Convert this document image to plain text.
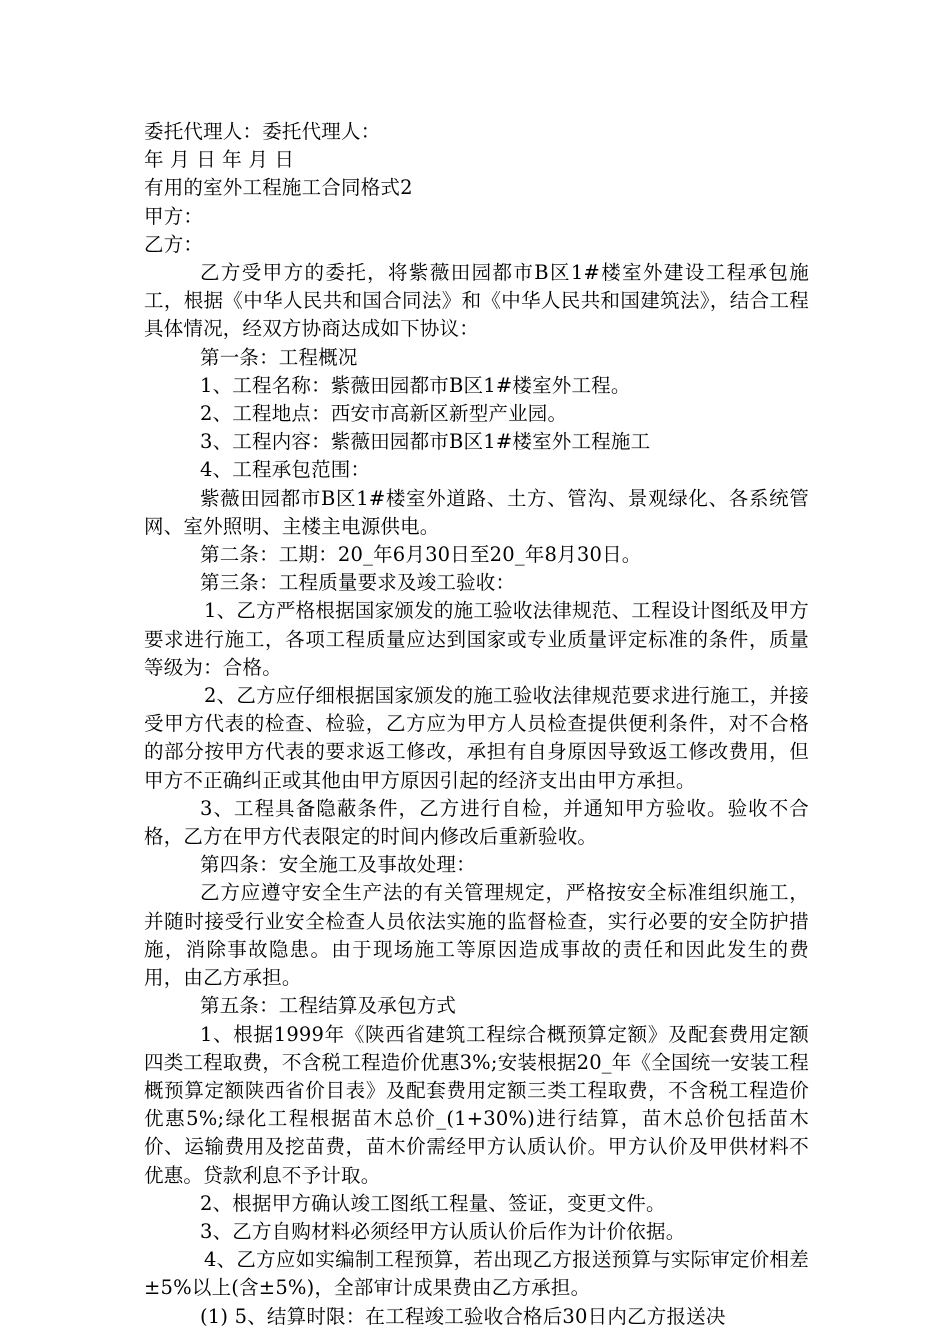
委托代理人：委托代理人：

年 月 日 年 月 日

有用的室外工程施工合同格式2

甲方：

乙方：

乙方受甲方的委托，将紫薇田园都市B区1#楼室外建设工程承包施工，根据《中华人民共和国合同法》和《中华人民共和国建筑法》，结合工程具体情况，经双方协商达成如下协议：

第一条：工程概况

1、工程名称：紫薇田园都市B区1#楼室外工程。

2、工程地点：西安市高新区新型产业园。

3、工程内容：紫薇田园都市B区1#楼室外工程施工

4、工程承包范围：

紫薇田园都市B区1#楼室外道路、土方、管沟、景观绿化、各系统管网、室外照明、主楼主电源供电。

第二条：工期：20_年6月30日至20_年8月30日。

第三条：工程质量要求及竣工验收：

1、乙方严格根据国家颁发的施工验收法律规范、工程设计图纸及甲方要求进行施工，各项工程质量应达到国家或专业质量评定标准的条件，质量等级为：合格。

2、乙方应仔细根据国家颁发的施工验收法律规范要求进行施工，并接受甲方代表的检查、检验，乙方应为甲方人员检查提供便利条件，对不合格的部分按甲方代表的要求返工修改，承担有自身原因导致返工修改费用，但甲方不正确纠正或其他由甲方原因引起的经济支出由甲方承担。

3、工程具备隐蔽条件，乙方进行自检，并通知甲方验收。验收不合格，乙方在甲方代表限定的时间内修改后重新验收。

第四条：安全施工及事故处理：

乙方应遵守安全生产法的有关管理规定，严格按安全标准组织施工，并随时接受行业安全检查人员依法实施的监督检查，实行必要的安全防护措施，消除事故隐患。由于现场施工等原因造成事故的责任和因此发生的费用，由乙方承担。

第五条：工程结算及承包方式

1、根据1999年《陕西省建筑工程综合概预算定额》及配套费用定额四类工程取费，不含税工程造价优惠3%;安装根据20_年《全国统一安装工程概预算定额陕西省价目表》及配套费用定额三类工程取费，不含税工程造价优惠5%;绿化工程根据苗木总价_(1+30%)进行结算，苗木总价包括苗木价、运输费用及挖苗费，苗木价需经甲方认质认价。甲方认价及甲供材料不优惠。贷款利息不予计取。

2、根据甲方确认竣工图纸工程量、签证，变更文件。

3、乙方自购材料必须经甲方认质认价后作为计价依据。

4、乙方应如实编制工程预算，若出现乙方报送预算与实际审定价相差±5%以上(含±5%)，全部审计成果费由乙方承担。

(1) 5、结算时限：在工程竣工验收合格后30日内乙方报送决
